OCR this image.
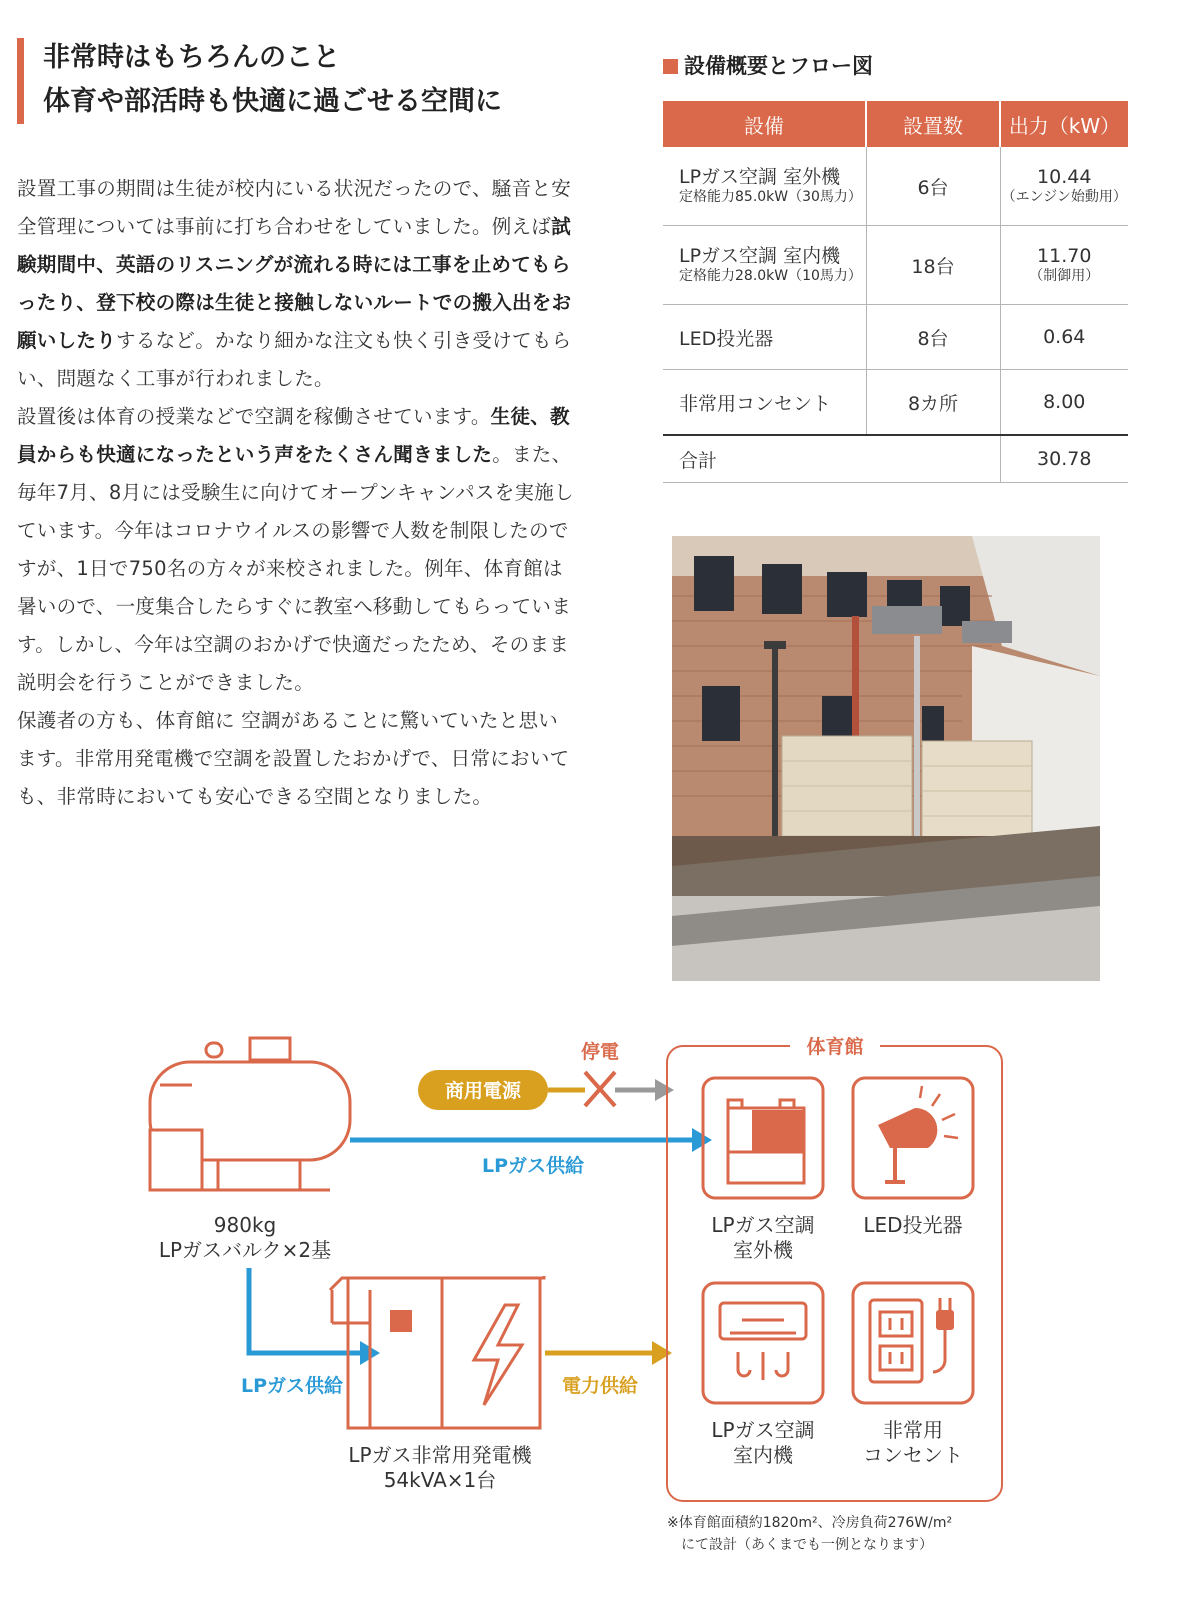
非常時はもちろんのこと
体育や部活時も快適に過ごせる空間に

設置工事の期間は生徒が校内にいる状況だったので、騒音と安全管理については事前に打ち合わせをしていました。例えば試験期間中、英語のリスニングが流れる時には工事を止めてもらったり、登下校の際は生徒と接触しないルートでの搬入出をお願いしたりするなど。かなり細かな注文も快く引き受けてもらい、問題なく工事が行われました。

設置後は体育の授業などで空調を稼働させています。生徒、教員からも快適になったという声をたくさん聞きました。また、毎年7月、8月には受験生に向けてオープンキャンパスを実施しています。今年はコロナウイルスの影響で人数を制限したのですが、1日で750名の方々が来校されました。例年、体育館は暑いので、一度集合したらすぐに教室へ移動してもらっています。しかし、今年は空調のおかげで快適だったため、そのまま説明会を行うことができました。

保護者の方も、体育館に 空調があることに驚いていたと思います。非常用発電機で空調を設置したおかげで、日常においても、非常時においても安心できる空間となりました。

設備概要とフロー図
設備	設置数	出力（kW）

LPガス空調 室外機
定格能力85.0kW（30馬力）	6台	10.44
（エンジン始動用）

LPガス空調 室内機
定格能力28.0kW（10馬力）	18台	11.70
（制御用）

LED投光器	8台	0.64
非常用コンセント	8カ所	8.00
合計		30.78
980kg
LPガスバルク×2基
商用電源
停電
LPガス供給
LPガス供給
LPガス非常用発電機
54kVA×1台
電力供給
体育館
LPガス空調
室外機
LED投光器
LPガス空調
室内機
非常用
コンセント
※体育館面積約1820m²、冷房負荷276W/m²
にて設計（あくまでも一例となります）
